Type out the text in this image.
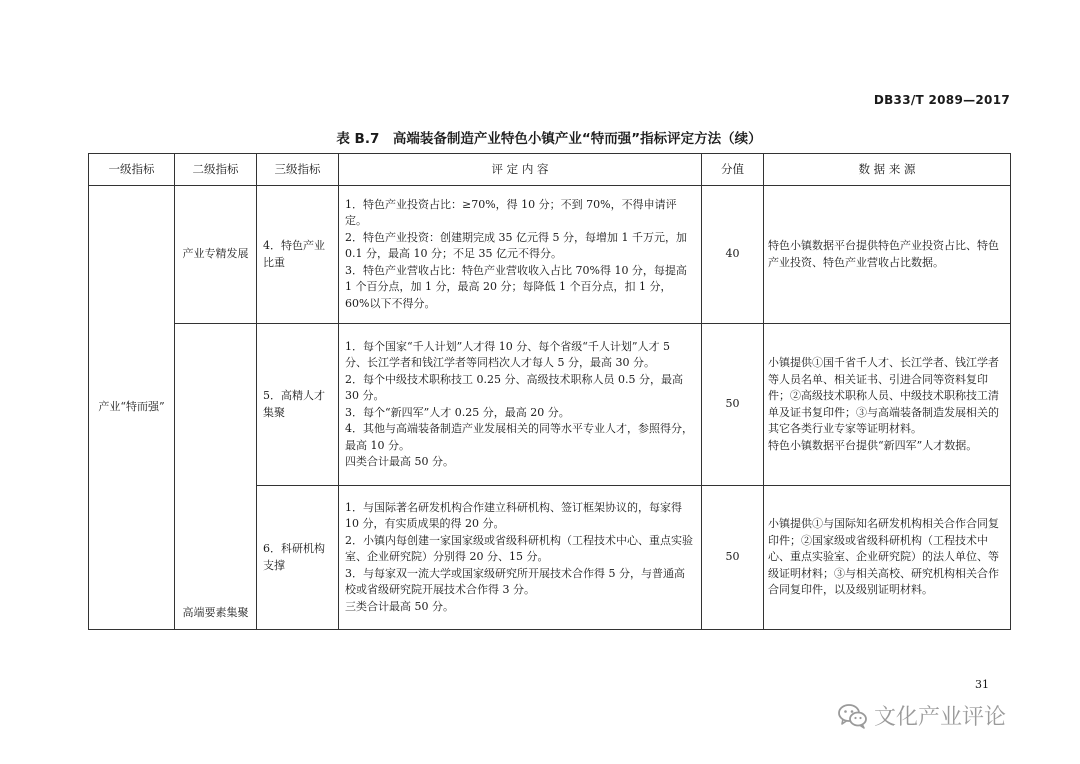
DB33/T 2089—2017
表 B.7　高端装备制造产业特色小镇产业“特而强”指标评定方法（续）
一级指标	二级指标	三级指标	评 定 内 容	分值	数 据 来 源
产业“特而强”	产业专精发展	4．特色产业比重	1．特色产业投资占比：≥70%，得 10 分；不到 70%，不得申请评定。
2．特色产业投资：创建期完成 35 亿元得 5 分，每增加 1 千万元，加 0.1 分，最高 10 分；不足 35 亿元不得分。
3．特色产业营收占比：特色产业营收收入占比 70%得 10 分，每提高 1 个百分点，加 1 分，最高 20 分；每降低 1 个百分点，扣 1 分，60%以下不得分。	40	特色小镇数据平台提供特色产业投资占比、特色产业投资、特色产业营收占比数据。

	高端要素集聚	5．高精人才集聚	1．每个国家“千人计划”人才得 10 分、每个省级“千人计划”人才 5 分、长江学者和钱江学者等同档次人才每人 5 分，最高 30 分。
2．每个中级技术职称技工 0.25 分、高级技术职称人员 0.5 分，最高 30 分。
3．每个“新四军”人才 0.25 分，最高 20 分。
4．其他与高端装备制造产业发展相关的同等水平专业人才，参照得分，最高 10 分。
四类合计最高 50 分。	50	小镇提供①国千省千人才、长江学者、钱江学者等人员名单、相关证书、引进合同等资料复印件；②高级技术职称人员、中级技术职称技工清单及证书复印件；③与高端装备制造发展相关的其它各类行业专家等证明材料。
特色小镇数据平台提供“新四军”人才数据。

		6．科研机构支撑	1．与国际著名研发机构合作建立科研机构、签订框架协议的，每家得 10 分，有实质成果的得 20 分。
2．小镇内每创建一家国家级或省级科研机构（工程技术中心、重点实验室、企业研究院）分别得 20 分、15 分。
3．与每家双一流大学或国家级研究所开展技术合作得 5 分，与普通高校或省级研究院开展技术合作得 3 分。
三类合计最高 50 分。	50	小镇提供①与国际知名研发机构相关合作合同复印件；②国家级或省级科研机构（工程技术中心、重点实验室、企业研究院）的法人单位、等级证明材料；③与相关高校、研究机构相关合作合同复印件，以及级别证明材料。
31
文化产业评论
